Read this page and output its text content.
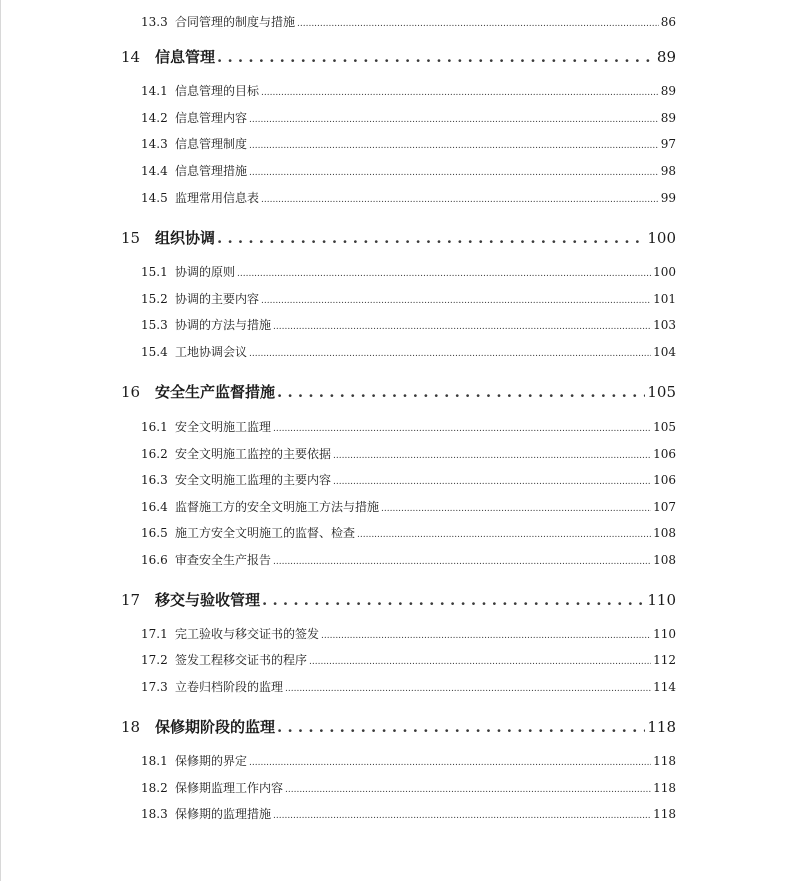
13.3 合同管理的制度与措施 .....	86
14 信息管理 . . .	89
14.1 信息管理的目标 .....	89
14.2 信息管理内容 .....	89
14.3 信息管理制度 .....	97
14.4 信息管理措施 .....	98
14.5 监理常用信息表 .....	99
15 组织协调 . . .	100
15.1 协调的原则 .....	100
15.2 协调的主要内容 .....	101
15.3 协调的方法与措施 .....	103
15.4 工地协调会议 .....	104
16 安全生产监督措施 . . .	105
16.1 安全文明施工监理 .....	105
16.2 安全文明施工监控的主要依据 .....	106
16.3 安全文明施工监理的主要内容 .....	106
16.4 监督施工方的安全文明施工方法与措施 .....	107
16.5 施工方安全文明施工的监督、检查 .....	108
16.6 审查安全生产报告 .....	108
17 移交与验收管理 . . .	110
17.1 完工验收与移交证书的签发 .....	110
17.2 签发工程移交证书的程序 .....	112
17.3 立卷归档阶段的监理 .....	114
18 保修期阶段的监理 . . .	118
18.1 保修期的界定 .....	118
18.2 保修期监理工作内容 .....	118
18.3 保修期的监理措施 .....	118
